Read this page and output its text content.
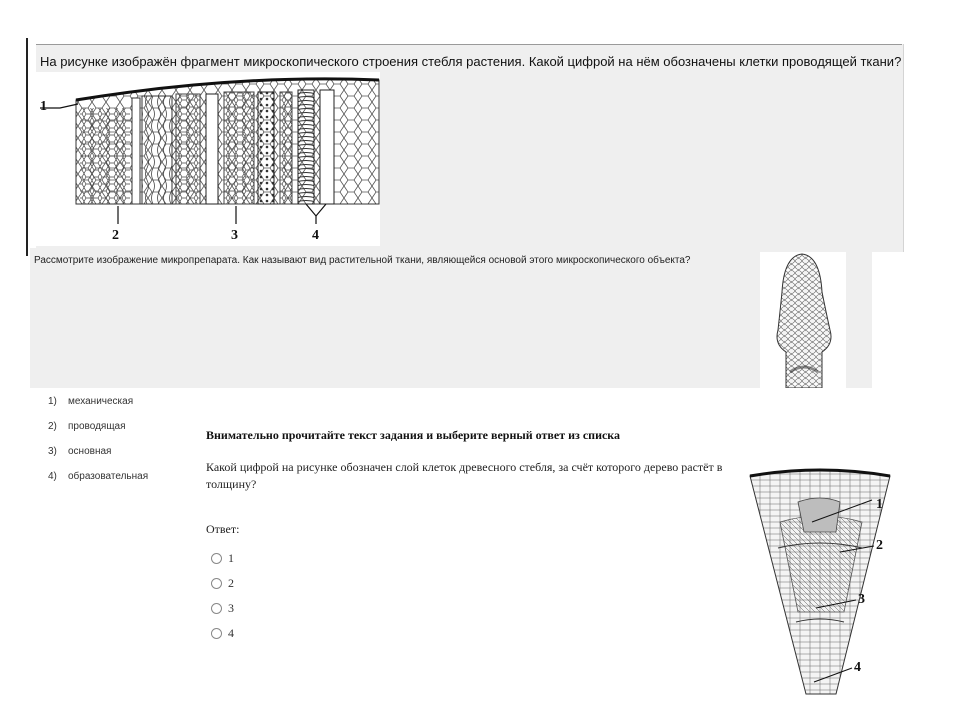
На рисунке изображён фрагмент микроскопического строения стебля растения. Какой цифрой на нём обозначены клетки проводящей ткани?
1
2	3	4
Рассмотрите изображение микропрепарата. Как называют вид растительной ткани, являющейся основой этого микроскопического объекта?
1)	механическая
2)	проводящая
3)	основная
4)	образовательная
Внимательно прочитайте текст задания и выберите верный ответ из списка
Какой цифрой на рисунке обозначен слой клеток древесного стебля, за счёт которого дерево растёт в толщину?
Ответ:
1
2
3
4
1
2
3
4
